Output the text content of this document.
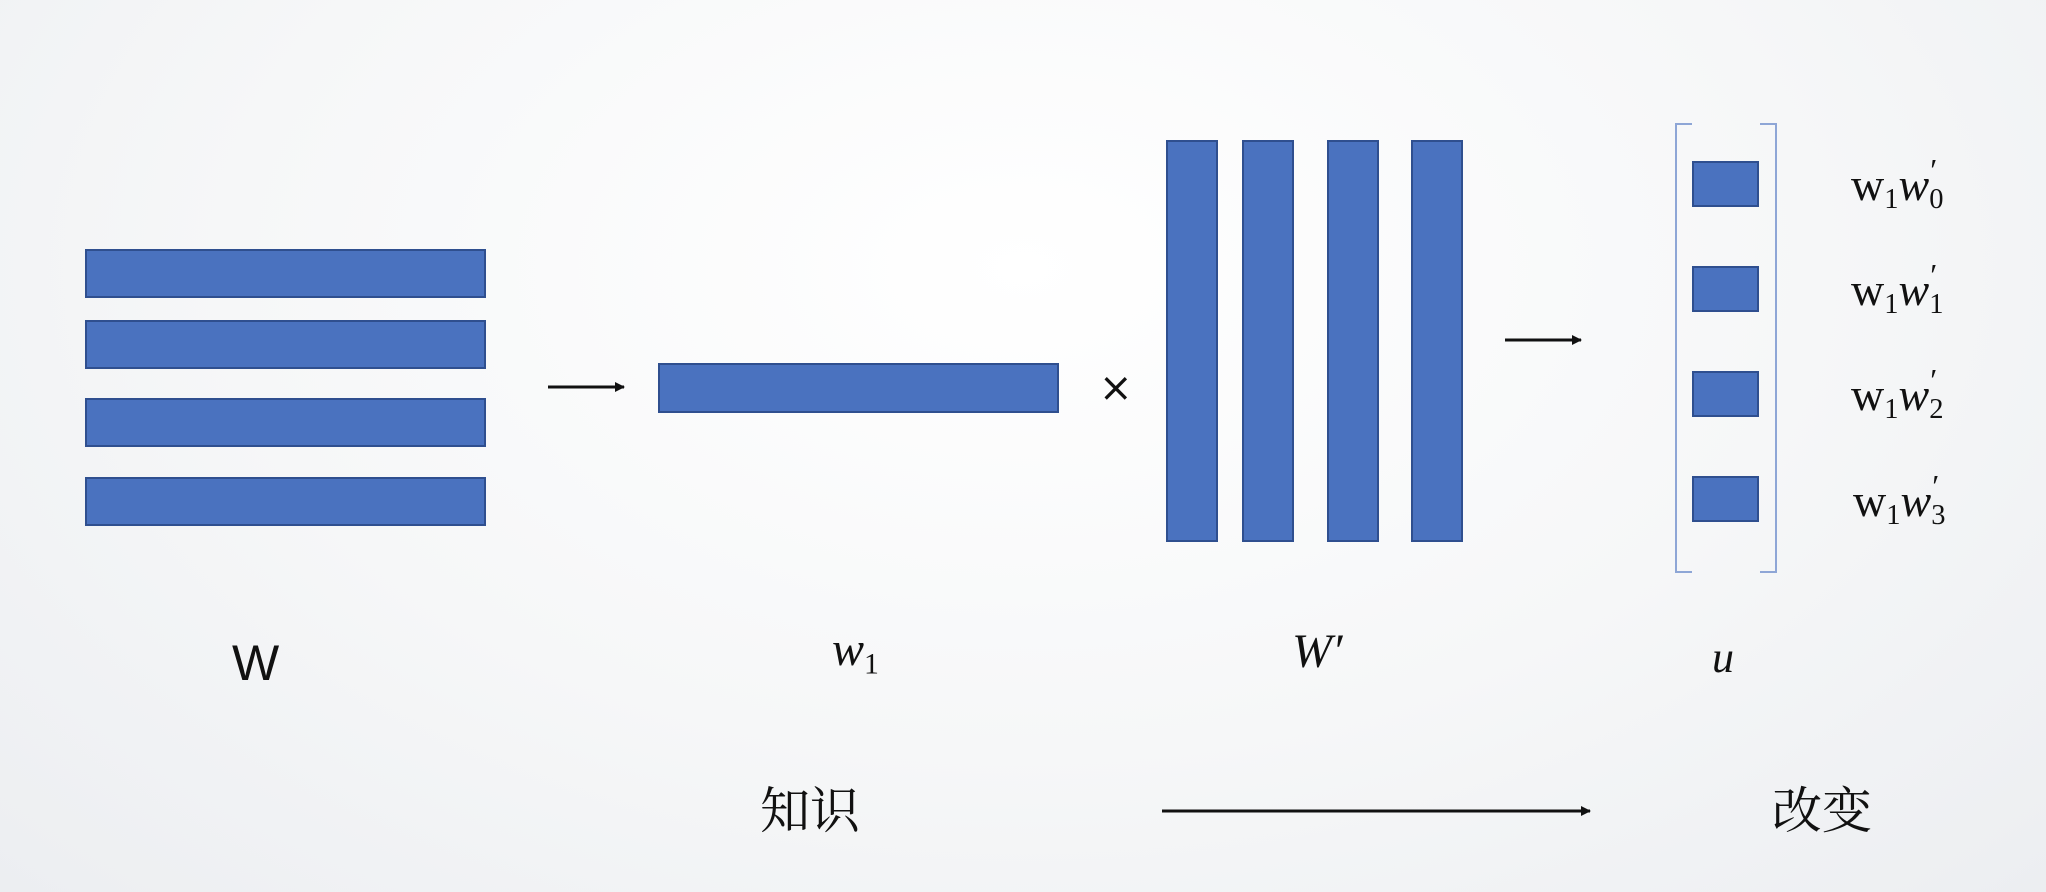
×
$w_1w$ ′
$_0$
$w_1w$ ′
$_1$
$w_1w$ ′
$_2$
$w_1w$ ′
$_3$
W	$w_1$	W′	u
知识	改变
